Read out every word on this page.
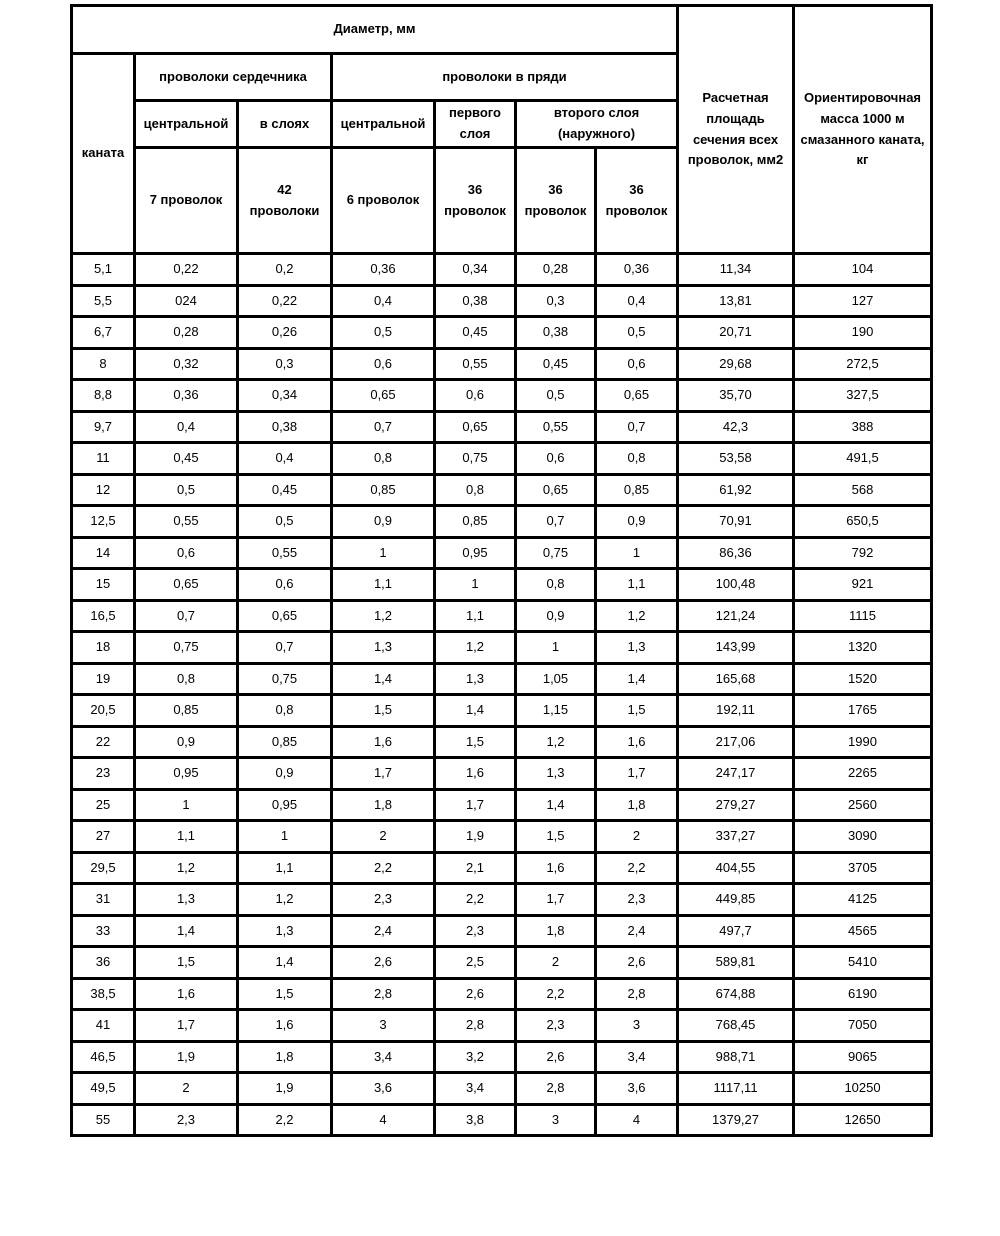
Диаметр, мм							Расчетная площадь сечения всех проволок, мм2	Ориентировочная масса 1000 м смазанного каната, кг
каната	проволоки сердечника		проволоки в пряди					
	центральной	в слоях	центральной	первого слоя	второго слоя (наружного)			
	7 проволок	42 проволоки	6 проволок	36 проволок	36 проволок	36 проволок		
5,1	0,22	0,2	0,36	0,34	0,28	0,36	11,34	104
5,5	024	0,22	0,4	0,38	0,3	0,4	13,81	127
6,7	0,28	0,26	0,5	0,45	0,38	0,5	20,71	190
8	0,32	0,3	0,6	0,55	0,45	0,6	29,68	272,5
8,8	0,36	0,34	0,65	0,6	0,5	0,65	35,70	327,5
9,7	0,4	0,38	0,7	0,65	0,55	0,7	42,3	388
11	0,45	0,4	0,8	0,75	0,6	0,8	53,58	491,5
12	0,5	0,45	0,85	0,8	0,65	0,85	61,92	568
12,5	0,55	0,5	0,9	0,85	0,7	0,9	70,91	650,5
14	0,6	0,55	1	0,95	0,75	1	86,36	792
15	0,65	0,6	1,1	1	0,8	1,1	100,48	921
16,5	0,7	0,65	1,2	1,1	0,9	1,2	121,24	1115
18	0,75	0,7	1,3	1,2	1	1,3	143,99	1320
19	0,8	0,75	1,4	1,3	1,05	1,4	165,68	1520
20,5	0,85	0,8	1,5	1,4	1,15	1,5	192,11	1765
22	0,9	0,85	1,6	1,5	1,2	1,6	217,06	1990
23	0,95	0,9	1,7	1,6	1,3	1,7	247,17	2265
25	1	0,95	1,8	1,7	1,4	1,8	279,27	2560
27	1,1	1	2	1,9	1,5	2	337,27	3090
29,5	1,2	1,1	2,2	2,1	1,6	2,2	404,55	3705
31	1,3	1,2	2,3	2,2	1,7	2,3	449,85	4125
33	1,4	1,3	2,4	2,3	1,8	2,4	497,7	4565
36	1,5	1,4	2,6	2,5	2	2,6	589,81	5410
38,5	1,6	1,5	2,8	2,6	2,2	2,8	674,88	6190
41	1,7	1,6	3	2,8	2,3	3	768,45	7050
46,5	1,9	1,8	3,4	3,2	2,6	3,4	988,71	9065
49,5	2	1,9	3,6	3,4	2,8	3,6	1117,11	10250
55	2,3	2,2	4	3,8	3	4	1379,27	12650
